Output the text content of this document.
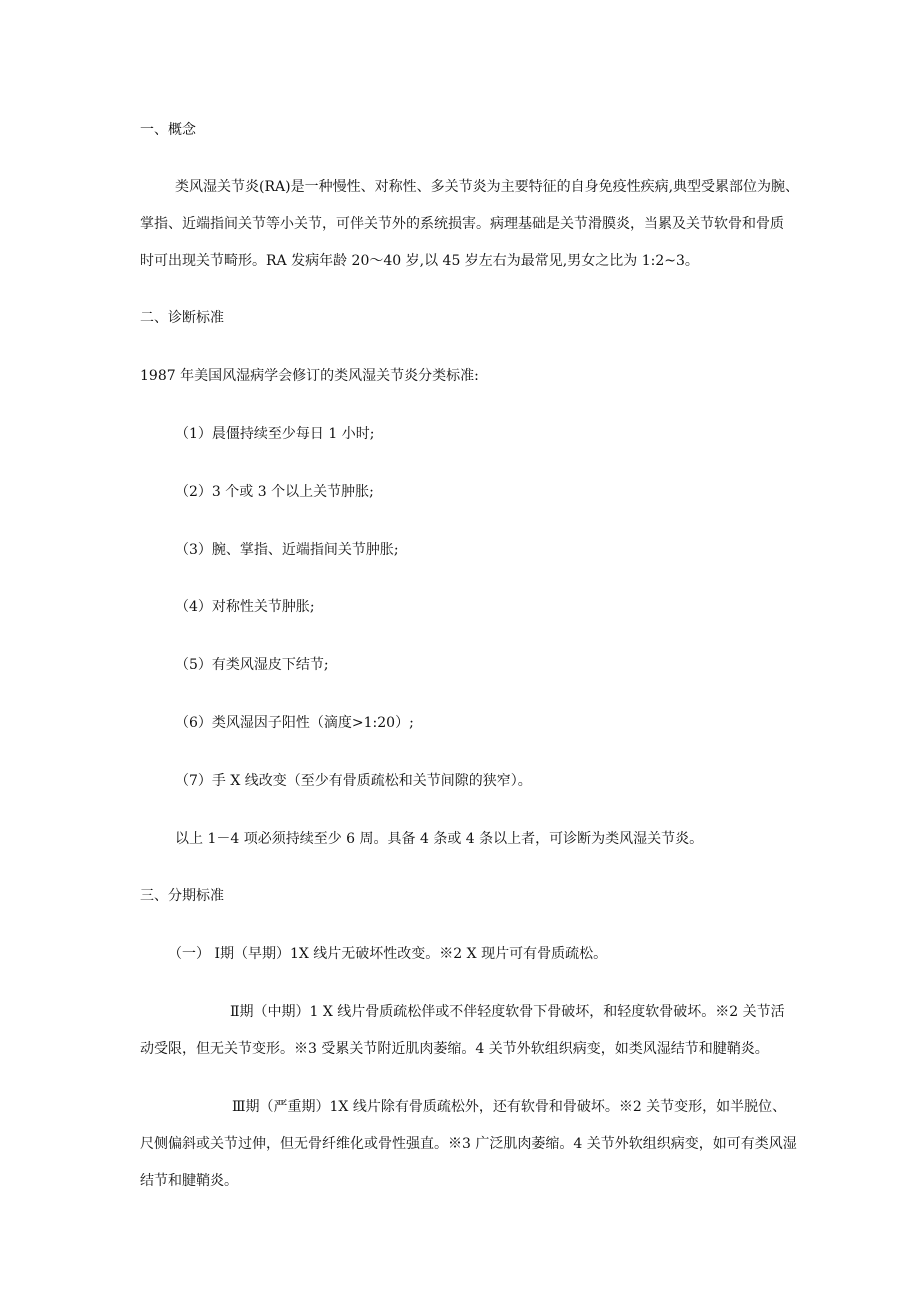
一、概念
类风湿关节炎(RA)是一种慢性、对称性、多关节炎为主要特征的自身免疫性疾病,典型受累部位为腕、
掌指、近端指间关节等小关节，可伴关节外的系统损害。病理基础是关节滑膜炎，当累及关节软骨和骨质
时可出现关节畸形。RA 发病年龄 20～40 岁,以 45 岁左右为最常见,男女之比为 1:2~3。
二、诊断标准
1987 年美国风湿病学会修订的类风湿关节炎分类标准:
（1）晨僵持续至少每日 1 小时;
（2）3 个或 3 个以上关节肿胀;
（3）腕、掌指、近端指间关节肿胀;
（4）对称性关节肿胀;
（5）有类风湿皮下结节;
（6）类风湿因子阳性（滴度>1:20）;
（7）手 X 线改变（至少有骨质疏松和关节间隙的狭窄）。
以上 1－4 项必须持续至少 6 周。具备 4 条或 4 条以上者，可诊断为类风湿关节炎。
三、分期标准
（一） Ⅰ期（早期）1X 线片无破坏性改变。※2 X 现片可有骨质疏松。
Ⅱ期（中期）1 X 线片骨质疏松伴或不伴轻度软骨下骨破坏，和轻度软骨破坏。※2 关节活
动受限，但无关节变形。※3 受累关节附近肌肉萎缩。4 关节外软组织病变，如类风湿结节和腱鞘炎。
Ⅲ期（严重期）1X 线片除有骨质疏松外，还有软骨和骨破坏。※2 关节变形，如半脱位、
尺侧偏斜或关节过伸，但无骨纤维化或骨性强直。※3 广泛肌肉萎缩。4 关节外软组织病变，如可有类风湿
结节和腱鞘炎。
